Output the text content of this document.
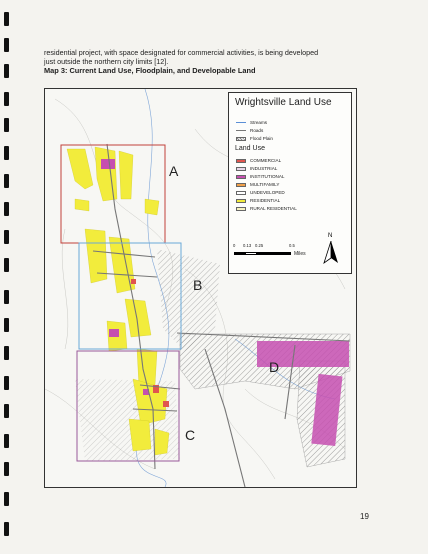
residential project, with space designated for commercial activities, is being developed

just outside the northern city limits [12].

Map 3: Current Land Use, Floodplain, and Developable Land

A
B
C
D
Wrightsville Land Use
Streams
Roads
Flood Plain
Land Use
COMMERCIAL
INDUSTRIAL
INSTITUTIONAL
MULTIFAMILY
UNDEVELOPED
RESIDENTIAL
RURAL RESIDENTIAL
0 0.13 0.25	0.5
Miles
N
19
